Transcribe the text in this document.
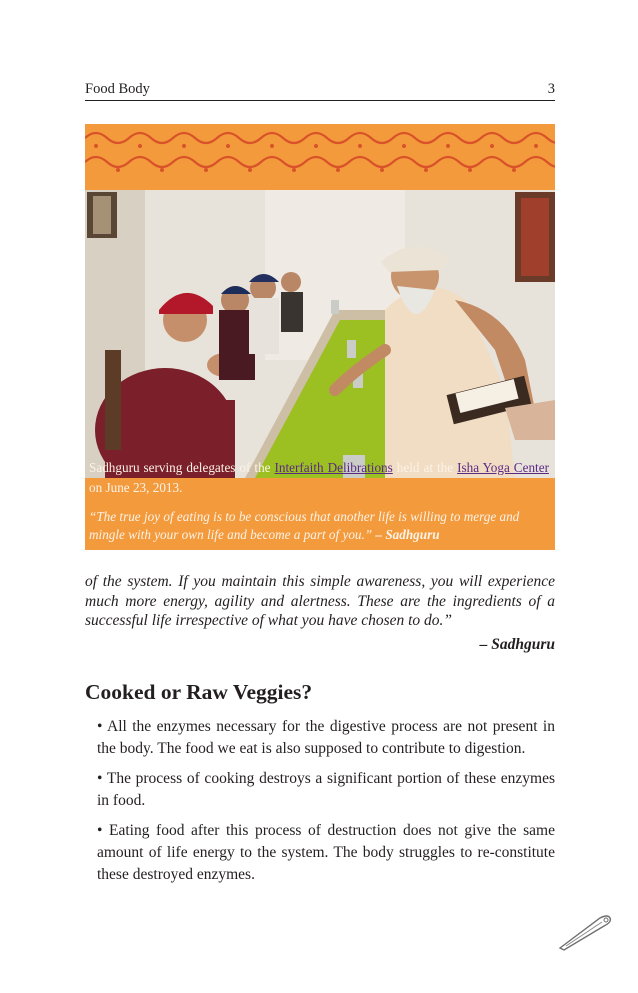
Food Body	3
Sadhguru serving delegates of the Interfaith Delibrations held at the Isha Yoga Center on June 23, 2013.
“The true joy of eating is to be conscious that another life is willing to merge and mingle with your own life and become a part of you.” – Sadhguru
of the system. If you maintain this simple awareness, you will experience much more energy, agility and alertness. These are the ingredients of a successful life irrespective of what you have chosen to do.”
– Sadhguru
Cooked or Raw Veggies?
• All the enzymes necessary for the digestive process are not present in the body. The food we eat is also supposed to contribute to digestion.
• The process of cooking destroys a significant portion of these enzymes in food.
• Eating food after this process of destruction does not give the same amount of life energy to the system. The body struggles to re-constitute these destroyed enzymes.
